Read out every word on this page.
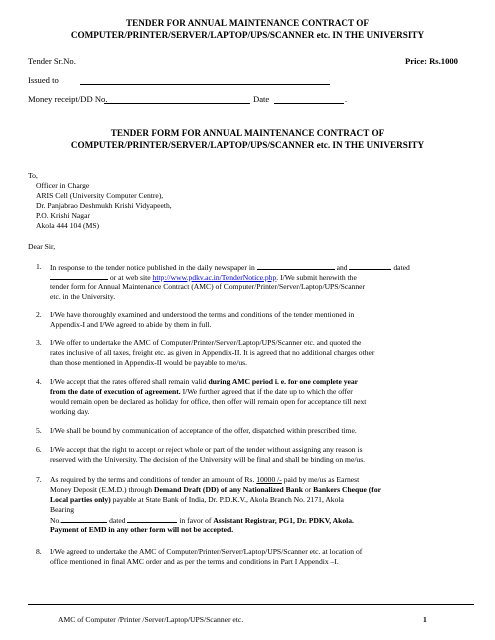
TENDER FOR ANNUAL MAINTENANCE CONTRACT OF
COMPUTER/PRINTER/SERVER/LAPTOP/UPS/SCANNER etc. IN THE UNIVERSITY
Tender Sr.No.	Price: Rs.1000
Issued to
Money receipt/DD No.	Date	.
TENDER FORM FOR ANNUAL MAINTENANCE CONTRACT OF
COMPUTER/PRINTER/SERVER/LAPTOP/UPS/SCANNER etc. IN THE UNIVERSITY
To,
Officer in Charge
ARIS Cell (University Computer Centre),
Dr. Panjabrao Deshmukh Krishi Vidyapeeth,
P.O. Krishi Nagar
Akola 444 104 (MS)
Dear Sir,
1. In response to the tender notice published in the daily newspaper in	and	dated
or at web site http://www.pdkv.ac.in/TenderNotice.php. I/We submit herewith the
tender form for Annual Maintenance Contract (AMC) of Computer/Printer/Server/Laptop/UPS/Scanner
etc. in the University.
2. I/We have thoroughly examined and understood the terms and conditions of the tender mentioned in
Appendix-I and I/We agreed to abide by them in full.
3. I/We offer to undertake the AMC of Computer/Printer/Server/Laptop/UPS/Scanner etc. and quoted the
rates inclusive of all taxes, freight etc. as given in Appendix-II. It is agreed that no additional charges other
than those mentioned in Appendix-II would be payable to me/us.
4. I/We accept that the rates offered shall remain valid during AMC period i. e. for one complete year
from the date of execution of agreement. I/We further agreed that if the date up to which the offer
would remain open be declared as holiday for office, then offer will remain open for acceptance till next
working day.
5. I/We shall be bound by communication of acceptance of the offer, dispatched within prescribed time.
6. I/We accept that the right to accept or reject whole or part of the tender without assigning any reason is
reserved with the University. The decision of the University will be final and shall be binding on me/us.
7. As required by the terms and conditions of tender an amount of Rs. 10000 /- paid by me/us as Earnest
Money Deposit (E.M.D.) through Demand Draft (DD) of any Nationalized Bank or Bankers Cheque (for
Local parties only) payable at State Bank of India, Dr. P.D.K.V., Akola Branch No. 2171, Akola
Bearing
No.	dated	in favor of Assistant Registrar, PG1, Dr. PDKV, Akola.
Payment of EMD in any other form will not be accepted.
8. I/We agreed to undertake the AMC of Computer/Printer/Server/Laptop/UPS/Scanner etc. at location of
office mentioned in final AMC order and as per the terms and conditions in Part I Appendix –I.
AMC of Computer /Printer /Server/Laptop/UPS/Scanner etc.	1
